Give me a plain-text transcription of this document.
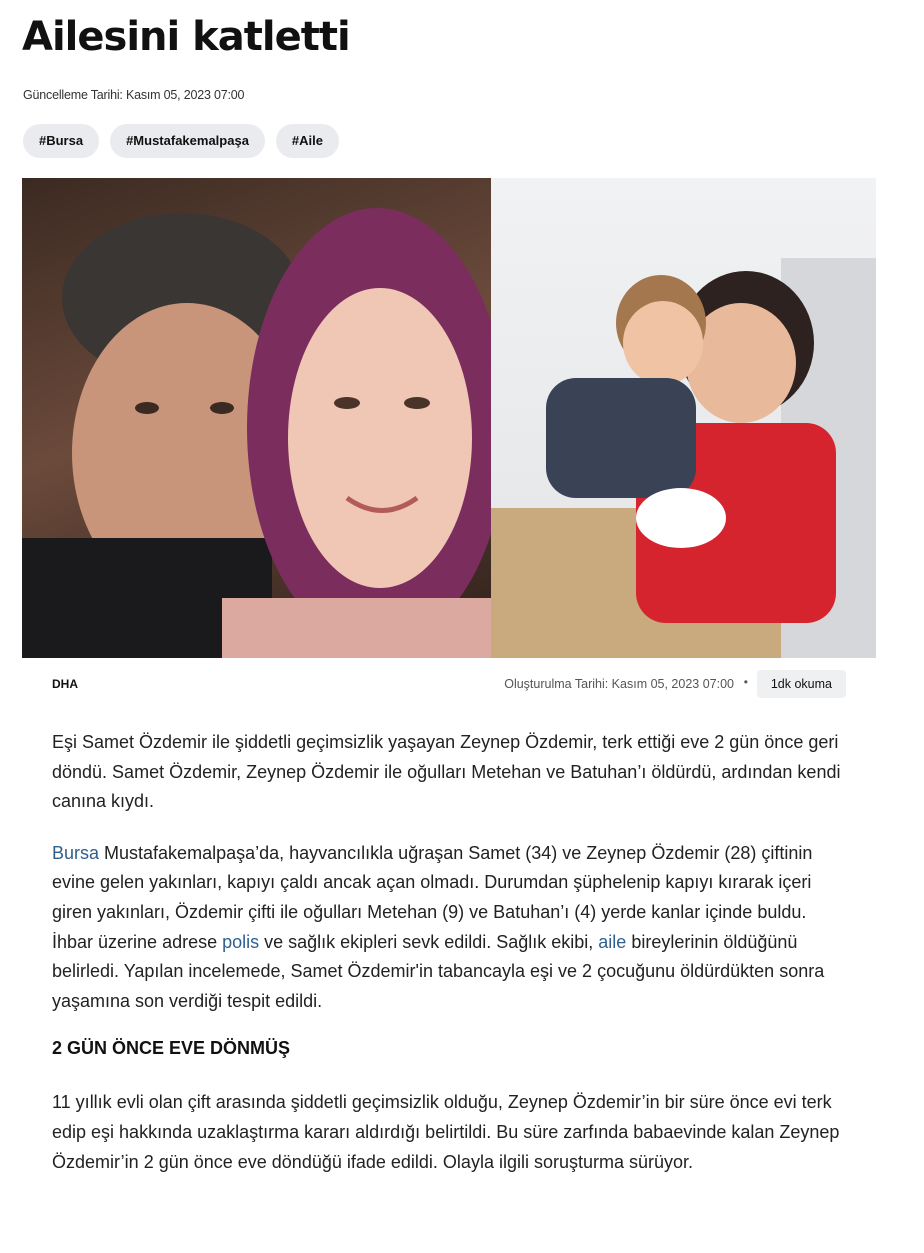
Ailesini katletti
Güncelleme Tarihi: Kasım 05, 2023 07:00
#Bursa	#Mustafakemalpaşa	#Aile
DHA	Oluşturulma Tarihi: Kasım 05, 2023 07:00 •	1dk okuma

Eşi Samet Özdemir ile şiddetli geçimsizlik yaşayan Zeynep Özdemir, terk ettiği eve 2 gün önce geri döndü. Samet Özdemir, Zeynep Özdemir ile oğulları Metehan ve Batuhan’ı öldürdü, ardından kendi canına kıydı.

Bursa Mustafakemalpaşa’da, hayvancılıkla uğraşan Samet (34) ve Zeynep Özdemir (28) çiftinin evine gelen yakınları, kapıyı çaldı ancak açan olmadı. Durumdan şüphelenip kapıyı kırarak içeri giren yakınları, Özdemir çifti ile oğulları Metehan (9) ve Batuhan’ı (4) yerde kanlar içinde buldu. İhbar üzerine adrese polis ve sağlık ekipleri sevk edildi. Sağlık ekibi, aile bireylerinin öldüğünü belirledi. Yapılan incelemede, Samet Özdemir'in tabancayla eşi ve 2 çocuğunu öldürdükten sonra yaşamına son verdiği tespit edildi.

2 GÜN ÖNCE EVE DÖNMÜŞ

11 yıllık evli olan çift arasında şiddetli geçimsizlik olduğu, Zeynep Özdemir’in bir süre önce evi terk edip eşi hakkında uzaklaştırma kararı aldırdığı belirtildi. Bu süre zarfında babaevinde kalan Zeynep Özdemir’in 2 gün önce eve döndüğü ifade edildi. Olayla ilgili soruşturma sürüyor.
